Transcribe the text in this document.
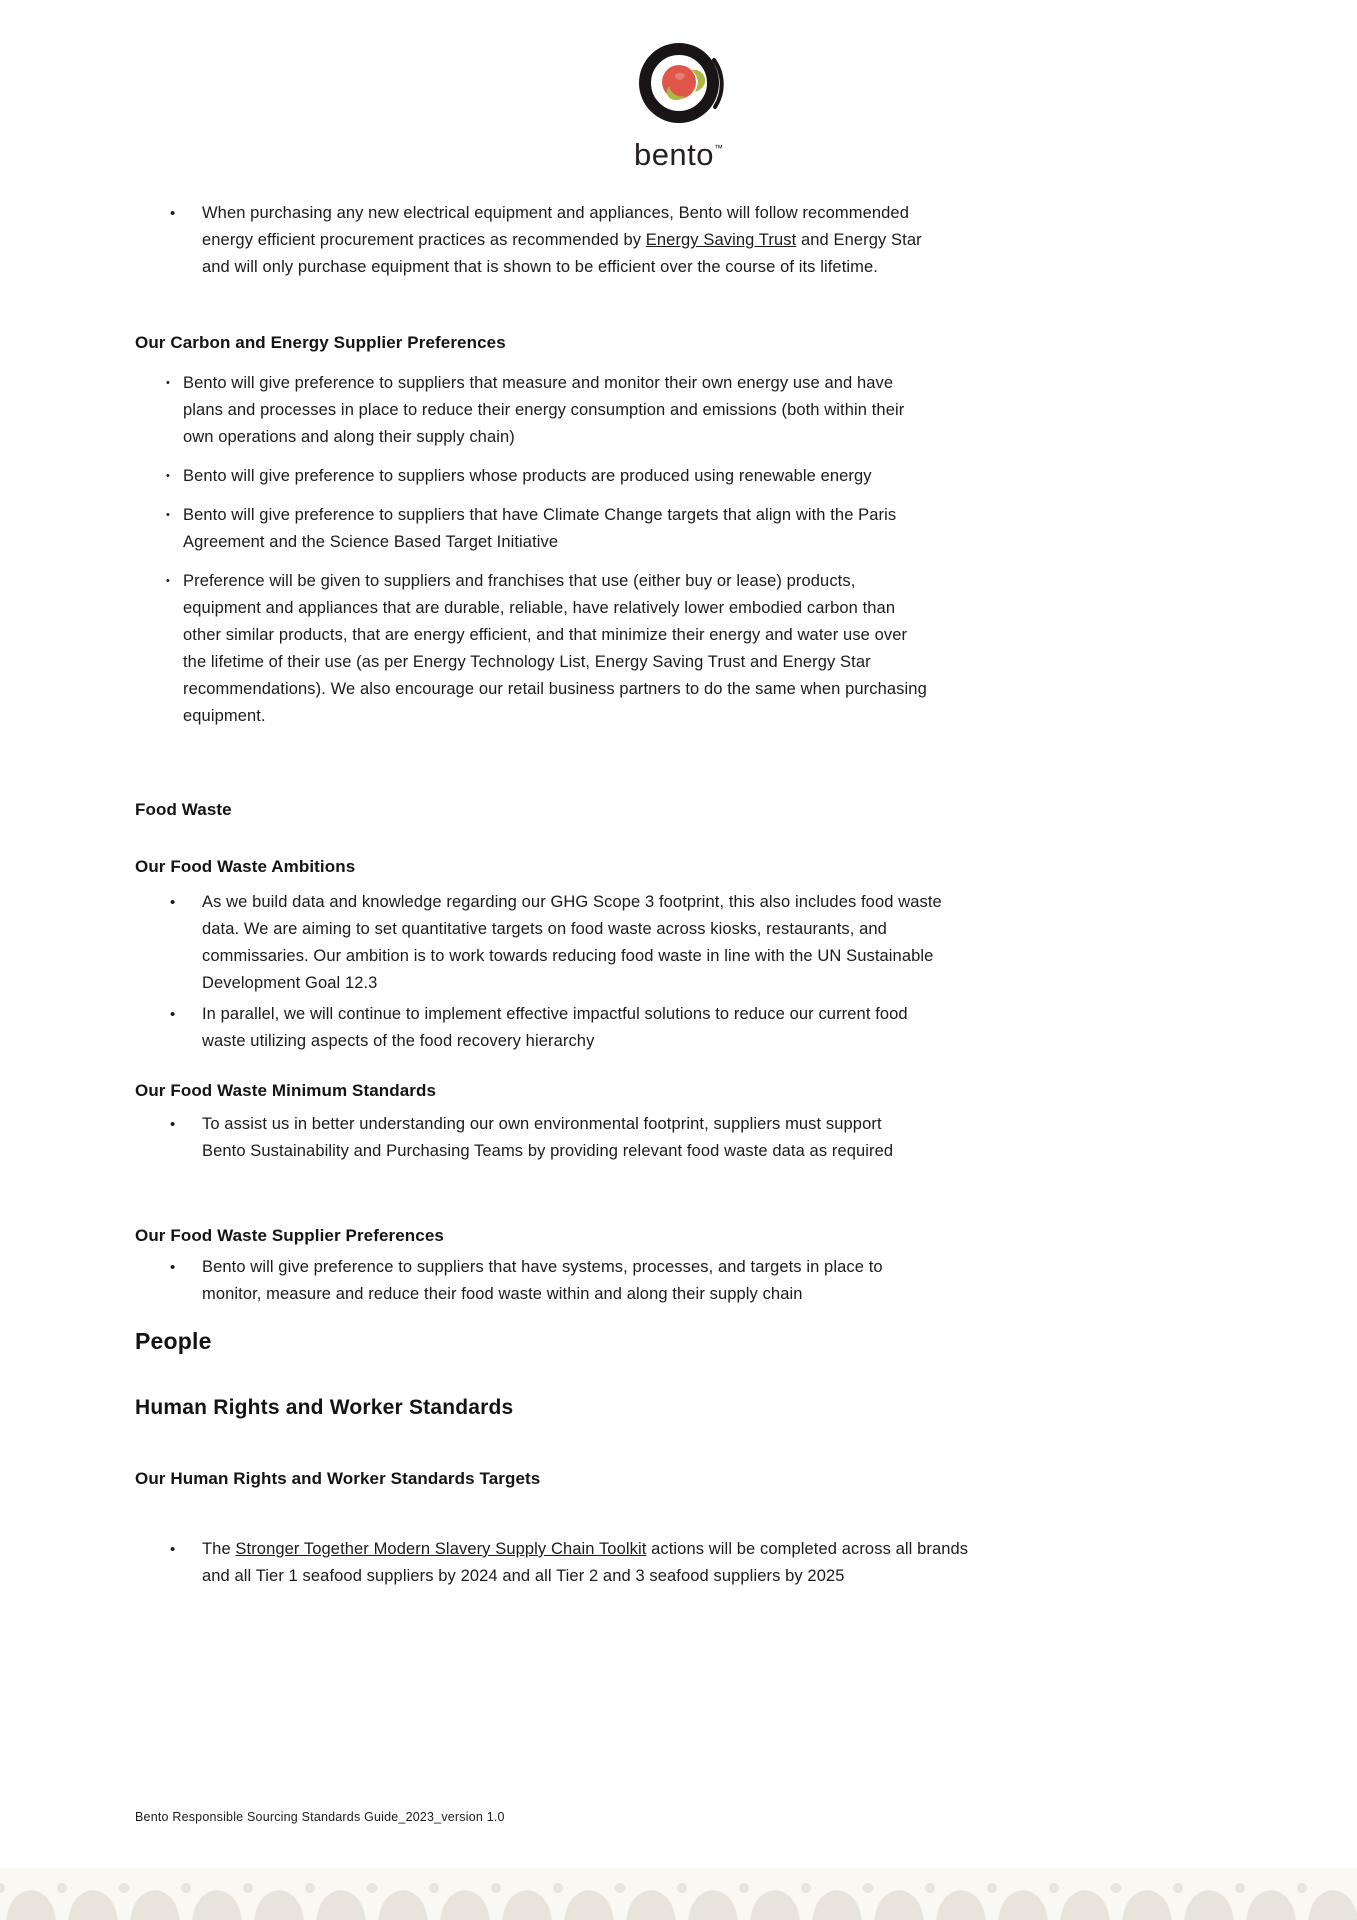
bento™
•	When purchasing any new electrical equipment and appliances, Bento will follow recommended energy efficient procurement practices as recommended by Energy Saving Trust and Energy Star and will only purchase equipment that is shown to be efficient over the course of its lifetime.
Our Carbon and Energy Supplier Preferences
• Bento will give preference to suppliers that measure and monitor their own energy use and have plans and processes in place to reduce their energy consumption and emissions (both within their own operations and along their supply chain)
• Bento will give preference to suppliers whose products are produced using renewable energy
• Bento will give preference to suppliers that have Climate Change targets that align with the Paris Agreement and the Science Based Target Initiative
• Preference will be given to suppliers and franchises that use (either buy or lease) products, equipment and appliances that are durable, reliable, have relatively lower embodied carbon than other similar products, that are energy efficient, and that minimize their energy and water use over the lifetime of their use (as per Energy Technology List, Energy Saving Trust and Energy Star recommendations). We also encourage our retail business partners to do the same when purchasing equipment.
Food Waste
Our Food Waste Ambitions
•	As we build data and knowledge regarding our GHG Scope 3 footprint, this also includes food waste data. We are aiming to set quantitative targets on food waste across kiosks, restaurants, and commissaries. Our ambition is to work towards reducing food waste in line with the UN Sustainable Development Goal 12.3
•	In parallel, we will continue to implement effective impactful solutions to reduce our current food waste utilizing aspects of the food recovery hierarchy
Our Food Waste Minimum Standards
•	To assist us in better understanding our own environmental footprint, suppliers must support Bento Sustainability and Purchasing Teams by providing relevant food waste data as required
Our Food Waste Supplier Preferences
•	Bento will give preference to suppliers that have systems, processes, and targets in place to monitor, measure and reduce their food waste within and along their supply chain
People
Human Rights and Worker Standards
Our Human Rights and Worker Standards Targets
•	The Stronger Together Modern Slavery Supply Chain Toolkit actions will be completed across all brands and all Tier 1 seafood suppliers by 2024 and all Tier 2 and 3 seafood suppliers by 2025
Bento Responsible Sourcing Standards Guide_2023_version 1.0
